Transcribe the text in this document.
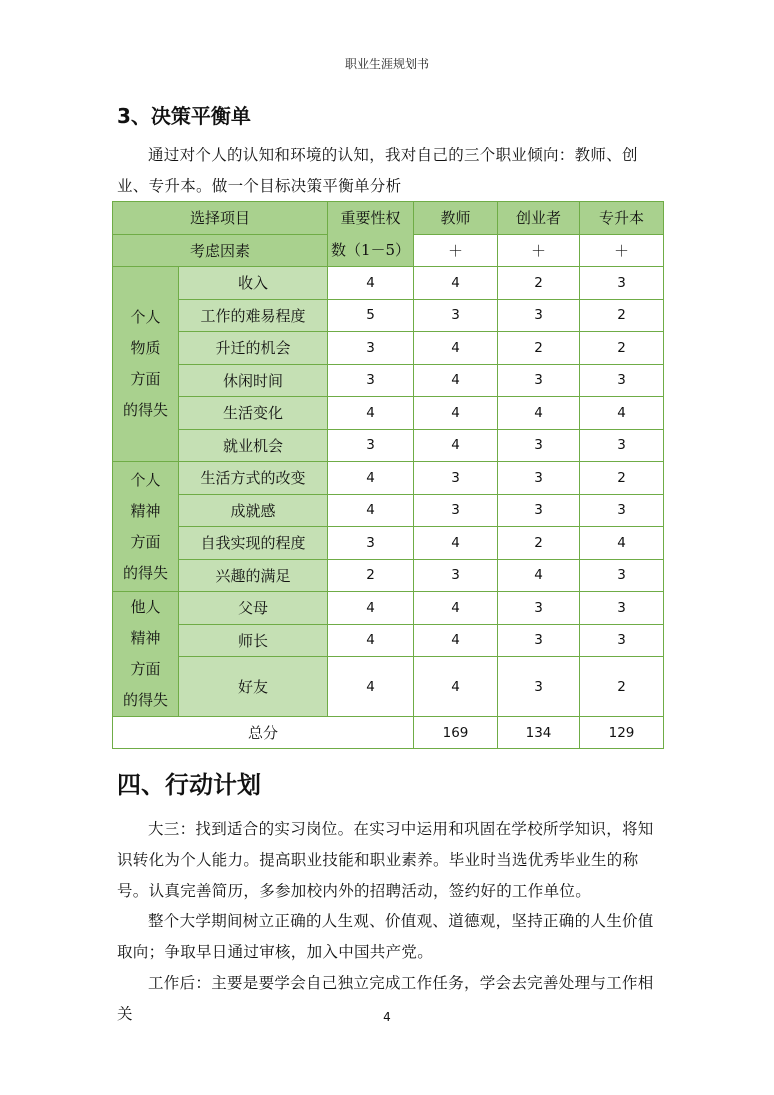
职业生涯规划书
3、决策平衡单
通过对个人的认知和环境的认知，我对自己的三个职业倾向：教师、创业、专升本。做一个目标决策平衡单分析
选择项目		重要性权
数（1－5）	教师	创业者	专升本
考虑因素			＋	＋	＋

个人
物质
方面
的得失	收入	4	4	2	3
	工作的难易程度	5	3	3	2
	升迁的机会	3	4	2	2
	休闲时间	3	4	3	3
	生活变化	4	4	4	4
	就业机会	3	4	3	3

个人
精神
方面
的得失	生活方式的改变	4	3	3	2
	成就感	4	3	3	3
	自我实现的程度	3	4	2	4
	兴趣的满足	2	3	4	3

他人
精神
方面
的得失	父母	4	4	3	3
	师长	4	4	3	3
	好友	4	4	3	2
总分			169	134	129
四、行动计划
大三：找到适合的实习岗位。在实习中运用和巩固在学校所学知识，将知识转化为个人能力。提高职业技能和职业素养。毕业时当选优秀毕业生的称号。认真完善简历，多参加校内外的招聘活动，签约好的工作单位。
整个大学期间树立正确的人生观、价值观、道德观，坚持正确的人生价值取向；争取早日通过审核，加入中国共产党。
工作后：主要是要学会自己独立完成工作任务，学会去完善处理与工作相关	4
